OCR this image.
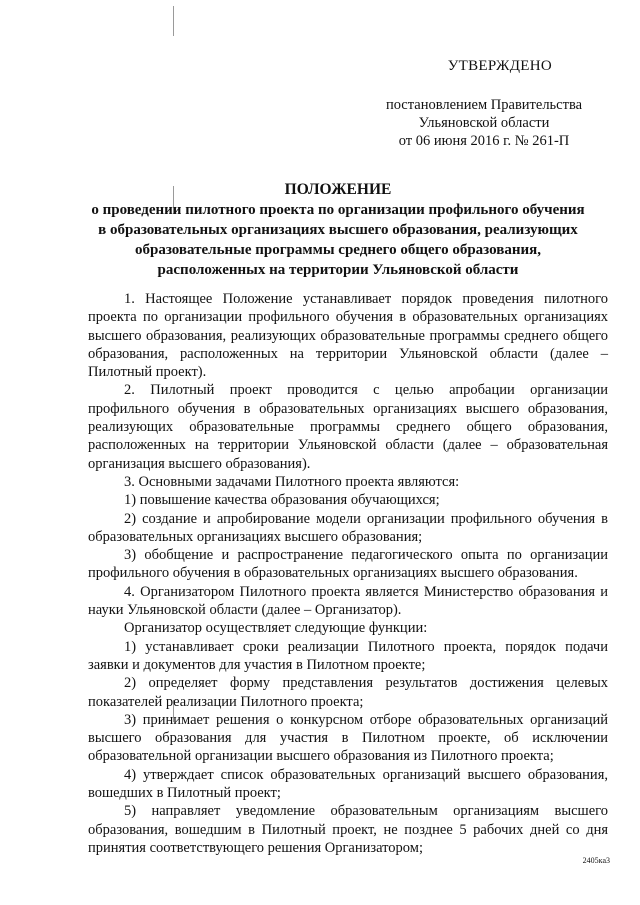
УТВЕРЖДЕНО
постановлением Правительства
Ульяновской области
от 06 июня 2016 г. № 261-П
ПОЛОЖЕНИЕ
о проведении пилотного проекта по организации профильного обучения
в образовательных организациях высшего образования, реализующих
образовательные программы среднего общего образования,
расположенных на территории Ульяновской области

1. Настоящее Положение устанавливает порядок проведения пилотного проекта по организации профильного обучения в образовательных организациях высшего образования, реализующих образовательные программы среднего общего образования, расположенных на территории Ульяновской области (далее – Пилотный проект).

2. Пилотный проект проводится с целью апробации организации профильного обучения в образовательных организациях высшего образования, реализующих образовательные программы среднего общего образования, расположенных на территории Ульяновской области (далее – образовательная организация высшего образования).

3. Основными задачами Пилотного проекта являются:

1) повышение качества образования обучающихся;

2) создание и апробирование модели организации профильного обучения в образовательных организациях высшего образования;

3) обобщение и распространение педагогического опыта по организации профильного обучения в образовательных организациях высшего образования.

4. Организатором Пилотного проекта является Министерство образования и науки Ульяновской области (далее – Организатор).

Организатор осуществляет следующие функции:

1) устанавливает сроки реализации Пилотного проекта, порядок подачи заявки и документов для участия в Пилотном проекте;

2) определяет форму представления результатов достижения целевых показателей реализации Пилотного проекта;

3) принимает решения о конкурсном отборе образовательных организаций высшего образования для участия в Пилотном проекте, об исключении образовательной организации высшего образования из Пилотного проекта;

4) утверждает список образовательных организаций высшего образования, вошедших в Пилотный проект;

5) направляет уведомление образовательным организациям высшего образования, вошедшим в Пилотный проект, не позднее 5 рабочих дней со дня принятия соответствующего решения Организатором;

2405ка3
